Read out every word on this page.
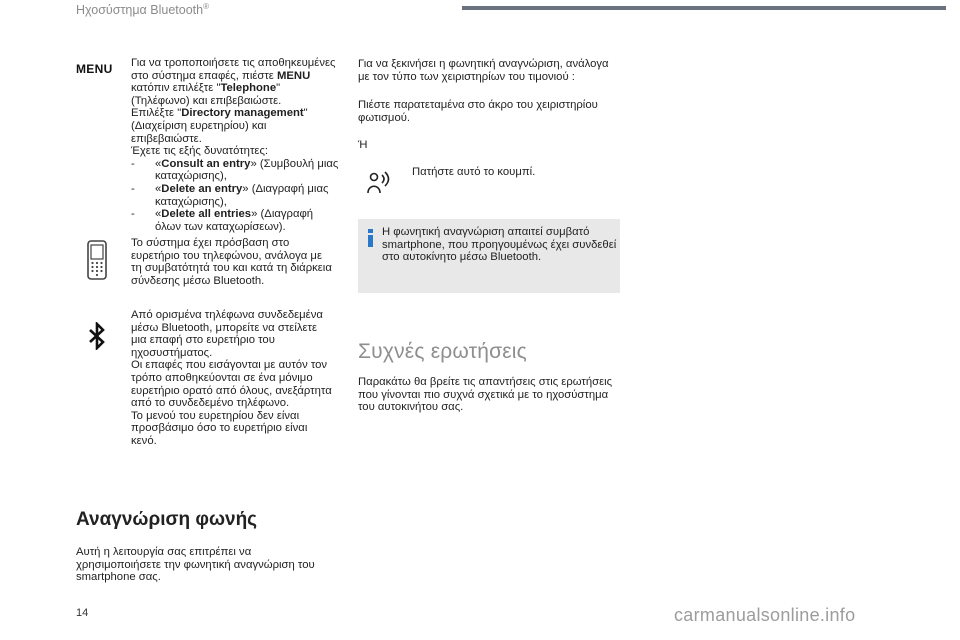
Ηχοσύστημα Bluetooth®
MENU Για να τροποποιήσετε τις αποθηκευμένες
στο σύστημα επαφές, πιέστε MENU
κατόπιν επιλέξτε "Telephone"
(Τηλέφωνο) και επιβεβαιώστε.
Επιλέξτε "Directory management"
(Διαχείριση ευρετηρίου) και
επιβεβαιώστε.
Έχετε τις εξής δυνατότητες:
- «Consult an entry» (Συμβουλή μιας
καταχώρισης),
- «Delete an entry» (Διαγραφή μιας
καταχώρισης),
- «Delete all entries» (Διαγραφή
όλων των καταχωρίσεων).
Το σύστημα έχει πρόσβαση στο
ευρετήριο του τηλεφώνου, ανάλογα με
τη συμβατότητά του και κατά τη διάρκεια
σύνδεσης μέσω Bluetooth.
Από ορισμένα τηλέφωνα συνδεδεμένα
μέσω Bluetooth, μπορείτε να στείλετε
μια επαφή στο ευρετήριο του
ηχοσυστήματος.
Οι επαφές που εισάγονται με αυτόν τον
τρόπο αποθηκεύονται σε ένα μόνιμο
ευρετήριο ορατό από όλους, ανεξάρτητα
από το συνδεδεμένο τηλέφωνο.
Το μενού του ευρετηρίου δεν είναι
προσβάσιμο όσο το ευρετήριο είναι
κενό.
Αναγνώριση φωνής
Αυτή η λειτουργία σας επιτρέπει να
χρησιμοποιήσετε την φωνητική αναγνώριση του
smartphone σας.
Για να ξεκινήσει η φωνητική αναγνώριση, ανάλογα
με τον τύπο των χειριστηρίων του τιμονιού :
Πιέστε παρατεταμένα στο άκρο του χειριστηρίου
φωτισμού.
Ή
Πατήστε αυτό το κουμπί.
Η φωνητική αναγνώριση απαιτεί συμβατό
smartphone, που προηγουμένως έχει συνδεθεί
στο αυτοκίνητο μέσω Bluetooth.
Συχνές ερωτήσεις
Παρακάτω θα βρείτε τις απαντήσεις στις ερωτήσεις
που γίνονται πιο συχνά σχετικά με το ηχοσύστημα
του αυτοκινήτου σας.
14	carmanualsonline.info
